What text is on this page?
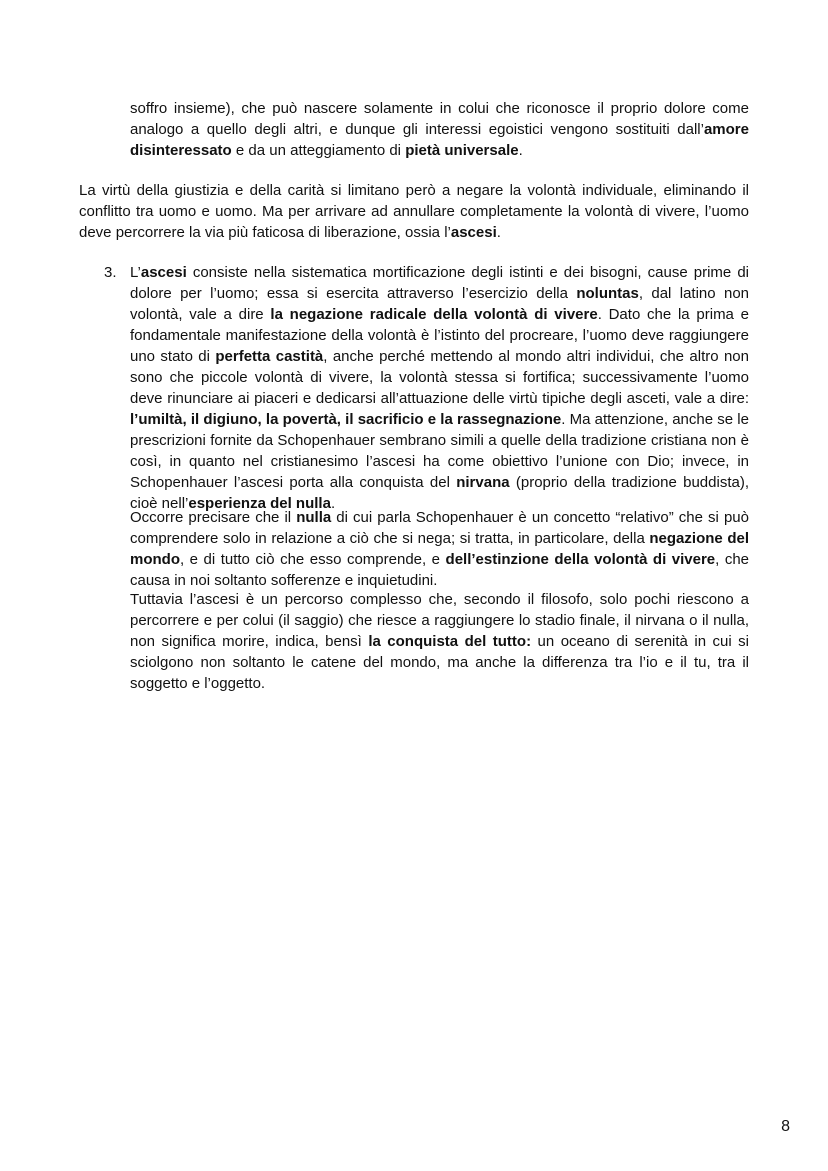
soffro insieme), che può nascere solamente in colui che riconosce il proprio dolore come analogo a quello degli altri, e dunque gli interessi egoistici vengono sostituiti dall’amore disinteressato e da un atteggiamento di pietà universale.

La virtù della giustizia e della carità si limitano però a negare la volontà individuale, eliminando il conflitto tra uomo e uomo. Ma per arrivare ad annullare completamente la volontà di vivere, l’uomo deve percorrere la via più faticosa di liberazione, ossia l’ascesi.

3. L’ascesi consiste nella sistematica mortificazione degli istinti e dei bisogni, cause prime di dolore per l’uomo; essa si esercita attraverso l’esercizio della noluntas, dal latino non volontà, vale a dire la negazione radicale della volontà di vivere. Dato che la prima e fondamentale manifestazione della volontà è l’istinto del procreare, l’uomo deve raggiungere uno stato di perfetta castità, anche perché mettendo al mondo altri individui, che altro non sono che piccole volontà di vivere, la volontà stessa si fortifica; successivamente l’uomo deve rinunciare ai piaceri e dedicarsi all’attuazione delle virtù tipiche degli asceti, vale a dire: l’umiltà, il digiuno, la povertà, il sacrificio e la rassegnazione. Ma attenzione, anche se le prescrizioni fornite da Schopenhauer sembrano simili a quelle della tradizione cristiana non è così, in quanto nel cristianesimo l’ascesi ha come obiettivo l’unione con Dio; invece, in Schopenhauer l’ascesi porta alla conquista del nirvana (proprio della tradizione buddista), cioè nell’esperienza del nulla.

Occorre precisare che il nulla di cui parla Schopenhauer è un concetto “relativo” che si può comprendere solo in relazione a ciò che si nega; si tratta, in particolare, della negazione del mondo, e di tutto ciò che esso comprende, e dell’estinzione della volontà di vivere, che causa in noi soltanto sofferenze e inquietudini.

Tuttavia l’ascesi è un percorso complesso che, secondo il filosofo, solo pochi riescono a percorrere e per colui (il saggio) che riesce a raggiungere lo stadio finale, il nirvana o il nulla, non significa morire, indica, bensì la conquista del tutto: un oceano di serenità in cui si sciolgono non soltanto le catene del mondo, ma anche la differenza tra l’io e il tu, tra il soggetto e l’oggetto.

8
